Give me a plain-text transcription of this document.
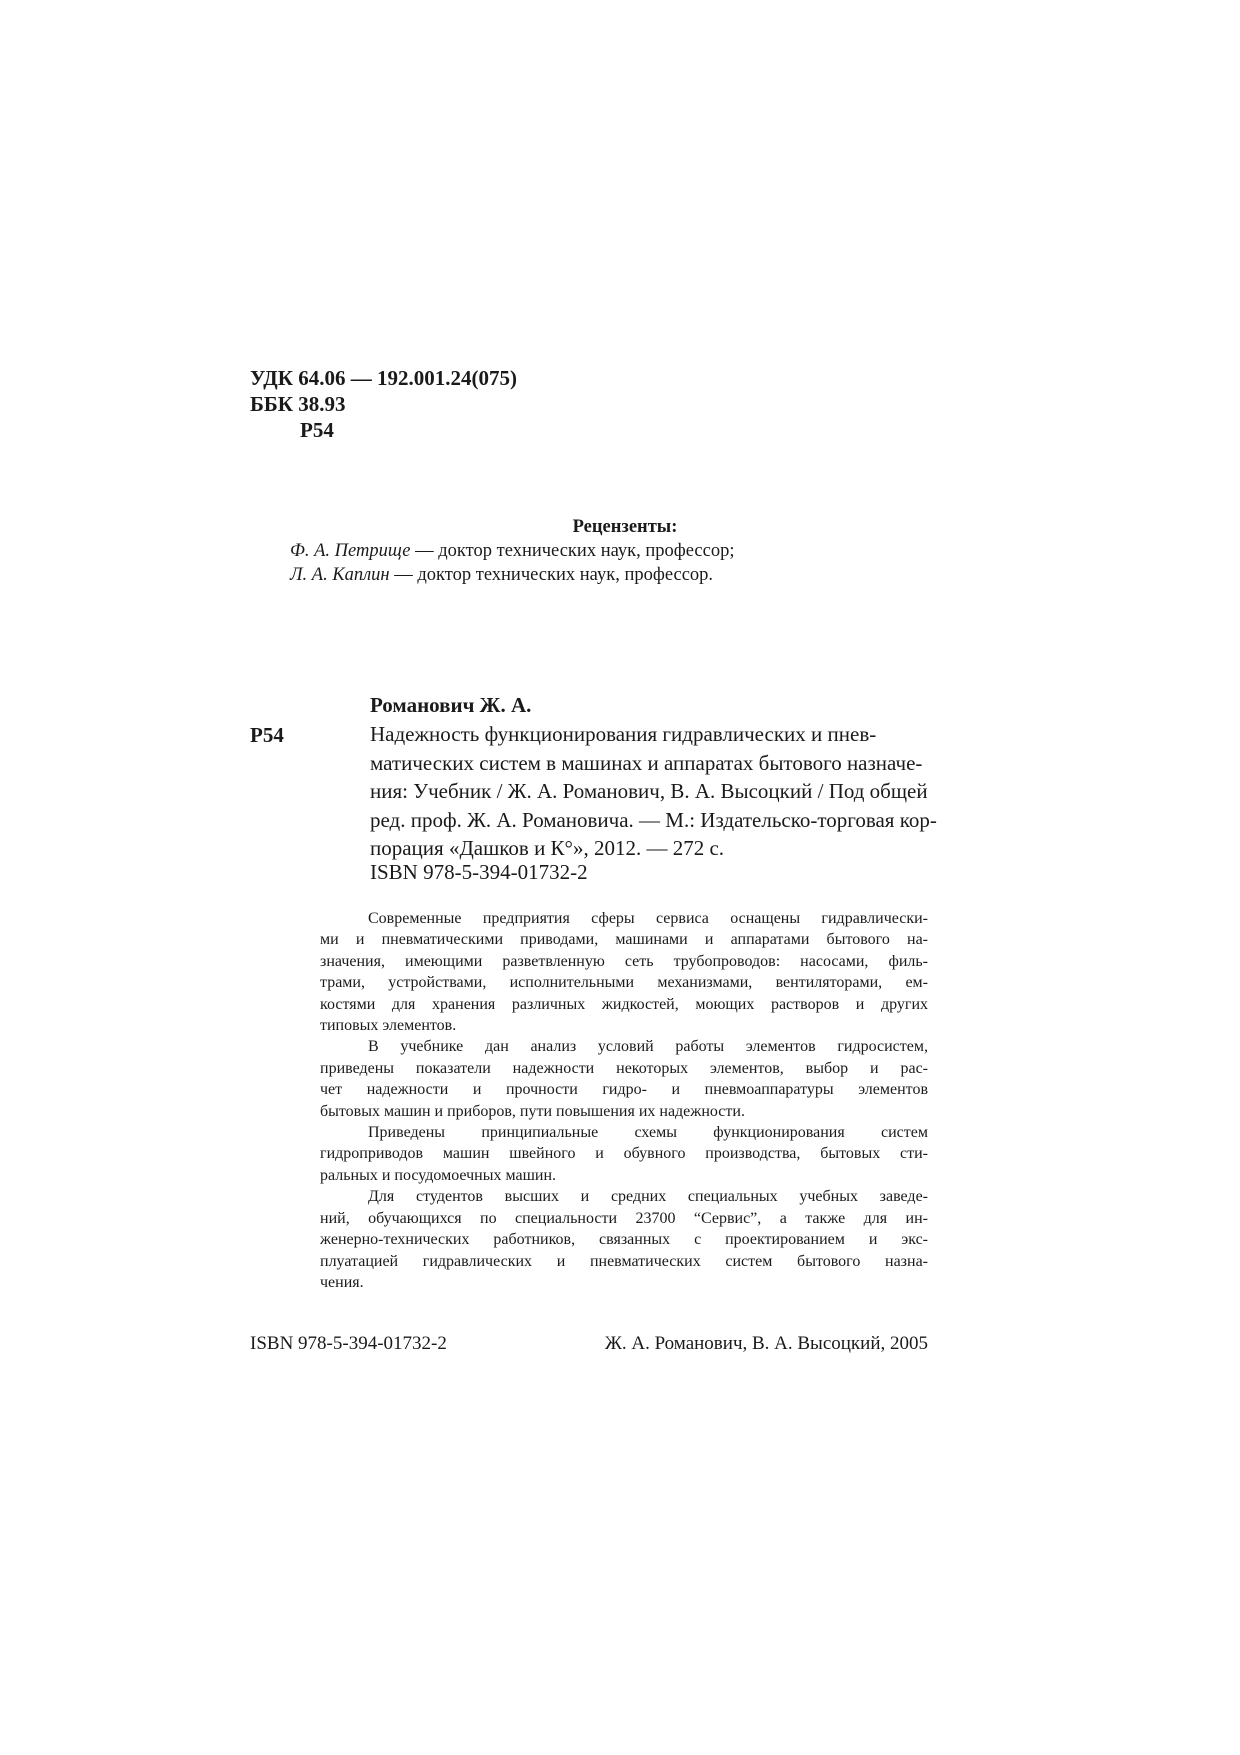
УДК 64.06 — 192.001.24(075)
ББК 38.93
Р54
Рецензенты:
Ф. А. Петрище — доктор технических наук, профессор;
Л. А. Каплин — доктор технических наук, профессор.
Романович Ж. А.
Р54	Надежность функционирования гидравлических и пнев-
матических систем в машинах и аппаратах бытового назначе-
ния: Учебник / Ж. А. Романович, В. А. Высоцкий / Под общей
ред. проф. Ж. А. Романовича. — М.: Издательско-торговая кор-
порация «Дашков и К°», 2012. — 272 с.
ISBN 978-5-394-01732-2
Современные предприятия сферы сервиса оснащены гидравлически-
ми и пневматическими приводами, машинами и аппаратами бытового на-
значения, имеющими разветвленную сеть трубопроводов: насосами, филь-
трами, устройствами, исполнительными механизмами, вентиляторами, ем-
костями для хранения различных жидкостей, моющих растворов и других
типовых элементов.
В учебнике дан анализ условий работы элементов гидросистем,
приведены показатели надежности некоторых элементов, выбор и рас-
чет надежности и прочности гидро- и пневмоаппаратуры элементов
бытовых машин и приборов, пути повышения их надежности.
Приведены принципиальные схемы функционирования систем
гидроприводов машин швейного и обувного производства, бытовых сти-
ральных и посудомоечных машин.
Для студентов высших и средних специальных учебных заведе-
ний, обучающихся по специальности 23700 “Сервис”, а также для ин-
женерно-технических работников, связанных с проектированием и экс-
плуатацией гидравлических и пневматических систем бытового назна-
чения.
ISBN 978-5-394-01732-2	Ж. А. Романович, В. А. Высоцкий, 2005
